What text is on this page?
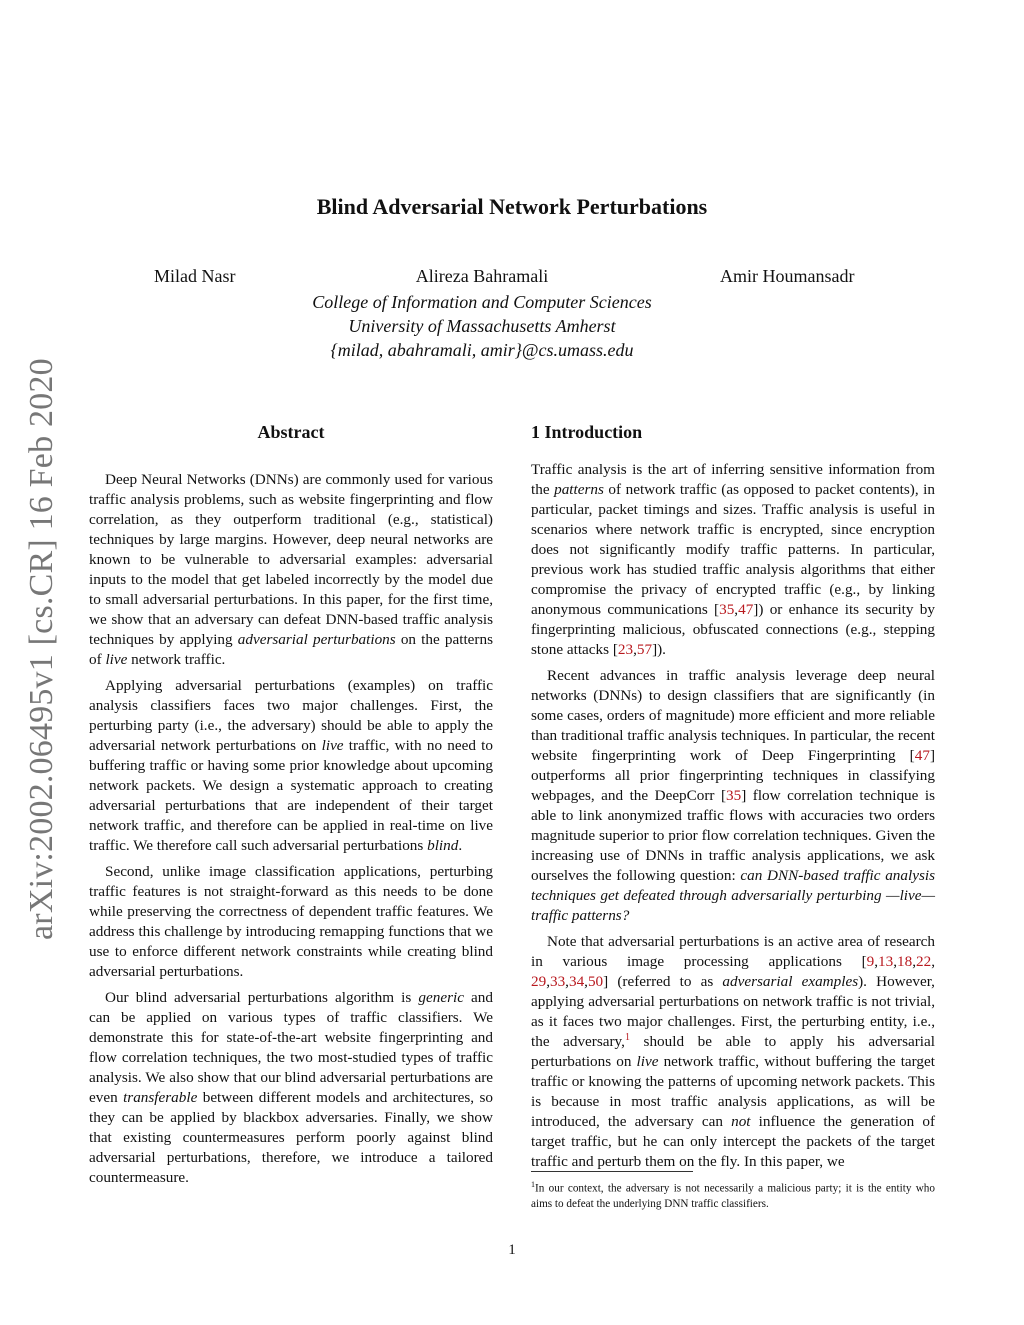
arXiv:2002.06495v1 [cs.CR] 16 Feb 2020
Blind Adversarial Network Perturbations
Milad Nasr	Alireza Bahramali	Amir Houmansadr
College of Information and Computer Sciences
University of Massachusetts Amherst
{milad, abahramali, amir}@cs.umass.edu
Abstract

Deep Neural Networks (DNNs) are commonly used for various traffic analysis problems, such as website fingerprinting and flow correlation, as they outperform traditional (e.g., statistical) techniques by large margins. However, deep neural networks are known to be vulnerable to adversarial examples: adversarial inputs to the model that get labeled incorrectly by the model due to small adversarial perturbations. In this paper, for the first time, we show that an adversary can defeat DNN-based traffic analysis techniques by applying adversarial perturbations on the patterns of live network traffic.

Applying adversarial perturbations (examples) on traffic analysis classifiers faces two major challenges. First, the perturbing party (i.e., the adversary) should be able to apply the adversarial network perturbations on live traffic, with no need to buffering traffic or having some prior knowledge about upcoming network packets. We design a systematic approach to creating adversarial perturbations that are independent of their target network traffic, and therefore can be applied in real-time on live traffic. We therefore call such adversarial perturbations blind.

Second, unlike image classification applications, perturbing traffic features is not straight-forward as this needs to be done while preserving the correctness of dependent traffic features. We address this challenge by introducing remapping functions that we use to enforce different network constraints while creating blind adversarial perturbations.

Our blind adversarial perturbations algorithm is generic and can be applied on various types of traffic classifiers. We demonstrate this for state-of-the-art website fingerprinting and flow correlation techniques, the two most-studied types of traffic analysis. We also show that our blind adversarial perturbations are even transferable between different models and architectures, so they can be applied by blackbox adversaries. Finally, we show that existing countermeasures perform poorly against blind adversarial perturbations, therefore, we introduce a tailored countermeasure.

1 Introduction

Traffic analysis is the art of inferring sensitive information from the patterns of network traffic (as opposed to packet contents), in particular, packet timings and sizes. Traffic analysis is useful in scenarios where network traffic is encrypted, since encryption does not significantly modify traffic patterns. In particular, previous work has studied traffic analysis algorithms that either compromise the privacy of encrypted traffic (e.g., by linking anonymous communications [35,47]) or enhance its security by fingerprinting malicious, obfuscated connections (e.g., stepping stone attacks [23,57]).

Recent advances in traffic analysis leverage deep neural networks (DNNs) to design classifiers that are significantly (in some cases, orders of magnitude) more efficient and more reliable than traditional traffic analysis techniques. In particular, the recent website fingerprinting work of Deep Fingerprinting [47] outperforms all prior fingerprinting techniques in classifying webpages, and the DeepCorr [35] flow correlation technique is able to link anonymized traffic flows with accuracies two orders magnitude superior to prior flow correlation techniques. Given the increasing use of DNNs in traffic analysis applications, we ask ourselves the following question: can DNN-based traffic analysis techniques get defeated through adversarially perturbing —live—traffic patterns?

Note that adversarial perturbations is an active area of research in various image processing applications [9,13,18,22, 29,33,34,50] (referred to as adversarial examples). However, applying adversarial perturbations on network traffic is not trivial, as it faces two major challenges. First, the perturbing entity, i.e., the adversary,$^1$ should be able to apply his adversarial perturbations on live network traffic, without buffering the target traffic or knowing the patterns of upcoming network packets. This is because in most traffic analysis applications, as will be introduced, the adversary can not influence the generation of target traffic, but he can only intercept the packets of the target traffic and perturb them on the fly. In this paper, we

$^1$In our context, the adversary is not necessarily a malicious party; it is the entity who aims to defeat the underlying DNN traffic classifiers.
1
